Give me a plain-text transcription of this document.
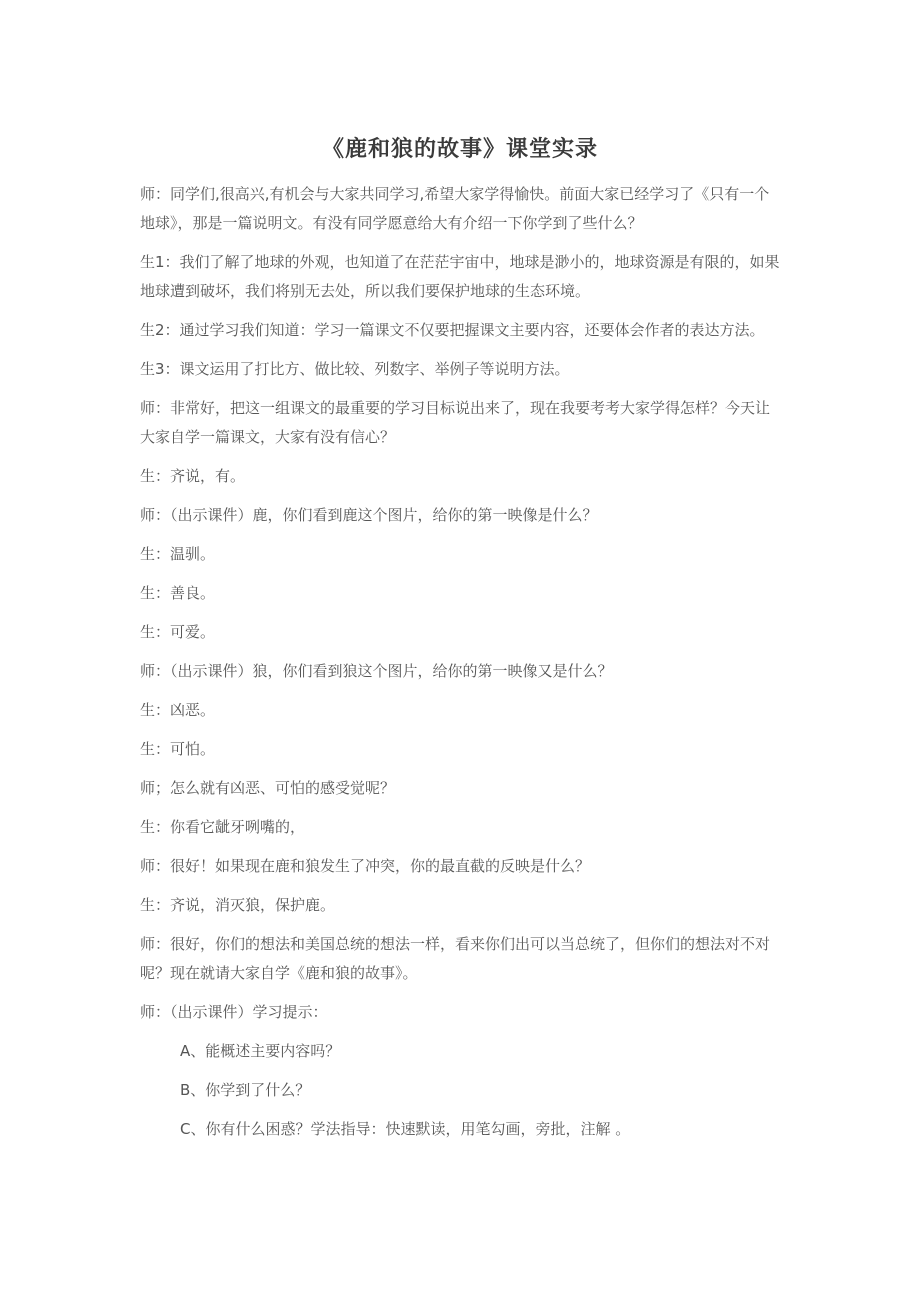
《鹿和狼的故事》课堂实录

师：同学们,很高兴,有机会与大家共同学习,希望大家学得愉快。前面大家已经学习了《只有一个地球》，那是一篇说明文。有没有同学愿意给大有介绍一下你学到了些什么？

生1：我们了解了地球的外观，也知道了在茫茫宇宙中，地球是渺小的，地球资源是有限的，如果地球遭到破坏，我们将别无去处，所以我们要保护地球的生态环境。

生2：通过学习我们知道：学习一篇课文不仅要把握课文主要内容，还要体会作者的表达方法。

生3：课文运用了打比方、做比较、列数字、举例子等说明方法。

师：非常好，把这一组课文的最重要的学习目标说出来了，现在我要考考大家学得怎样？今天让大家自学一篇课文，大家有没有信心？

生：齐说，有。

师：（出示课件）鹿，你们看到鹿这个图片，给你的第一映像是什么？

生：温驯。

生：善良。

生：可爱。

师：（出示课件）狼，你们看到狼这个图片，给你的第一映像又是什么？

生：凶恶。

生：可怕。

师；怎么就有凶恶、可怕的感受觉呢？

生：你看它龇牙咧嘴的，

师：很好！如果现在鹿和狼发生了冲突，你的最直截的反映是什么？

生：齐说，消灭狼，保护鹿。

师：很好，你们的想法和美国总统的想法一样，看来你们出可以当总统了，但你们的想法对不对呢？现在就请大家自学《鹿和狼的故事》。

师：（出示课件）学习提示：

A、能概述主要内容吗？

B、你学到了什么？

C、你有什么困惑？学法指导：快速默读，用笔勾画，旁批，注解 。
